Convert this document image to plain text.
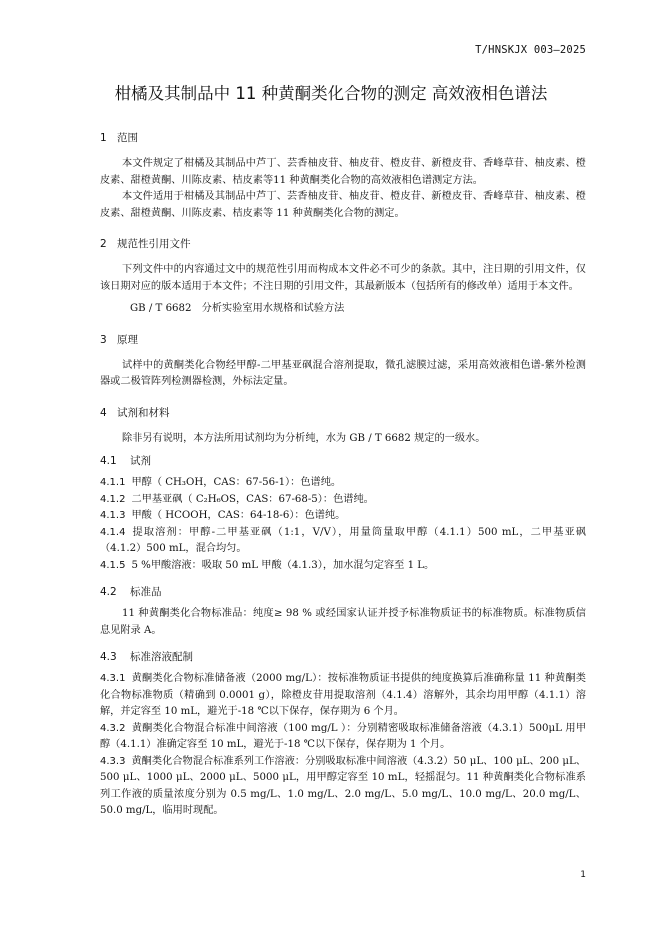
T/HNSKJX 003—2025
柑橘及其制品中 11 种黄酮类化合物的测定 高效液相色谱法
1 范围

本文件规定了柑橘及其制品中芦丁、芸香柚皮苷、柚皮苷、橙皮苷、新橙皮苷、香峰草苷、柚皮素、橙皮素、甜橙黄酮、川陈皮素、桔皮素等11 种黄酮类化合物的高效液相色谱测定方法。

本文件适用于柑橘及其制品中芦丁、芸香柚皮苷、柚皮苷、橙皮苷、新橙皮苷、香峰草苷、柚皮素、橙皮素、甜橙黄酮、川陈皮素、桔皮素等 11 种黄酮类化合物的测定。

2 规范性引用文件

下列文件中的内容通过文中的规范性引用而构成本文件必不可少的条款。其中，注日期的引用文件，仅该日期对应的版本适用于本文件；不注日期的引用文件，其最新版本（包括所有的修改单）适用于本文件。

GB / T 6682　分析实验室用水规格和试验方法
3 原理

试样中的黄酮类化合物经甲醇-二甲基亚砜混合溶剂提取，微孔滤膜过滤，采用高效液相色谱-紫外检测器或二极管阵列检测器检测，外标法定量。

4 试剂和材料

除非另有说明，本方法所用试剂均为分析纯，水为 GB / T 6682 规定的一级水。

4.1 试剂
4.1.1 甲醇（ CH₃OH，CAS：67-56-1）：色谱纯。
4.1.2 二甲基亚砜（ C₂H₆OS，CAS：67-68-5）：色谱纯。
4.1.3 甲酸（ HCOOH，CAS：64-18-6）：色谱纯。
4.1.4 提取溶剂：甲醇-二甲基亚砜（1:1，V/V），用量筒量取甲醇（4.1.1）500 mL，二甲基亚砜（4.1.2）500 mL，混合均匀。
4.1.5 5 %甲酸溶液：吸取 50 mL 甲酸（4.1.3），加水混匀定容至 1 L。
4.2 标准品

11 种黄酮类化合物标准品：纯度≥ 98 % 或经国家认证并授予标准物质证书的标准物质。标准物质信息见附录 A。

4.3 标准溶液配制
4.3.1 黄酮类化合物标准储备液（2000 mg/L）：按标准物质证书提供的纯度换算后准确称量 11 种黄酮类化合物标准物质（精确到 0.0001 g），除橙皮苷用提取溶剂（4.1.4）溶解外，其余均用甲醇（4.1.1）溶解，并定容至 10 mL，避光于-18 ℃以下保存，保存期为 6 个月。
4.3.2 黄酮类化合物混合标准中间溶液（100 mg/L ）：分别精密吸取标准储备溶液（4.3.1）500μL 用甲醇（4.1.1）准确定容至 10 mL，避光于-18 ℃以下保存，保存期为 1 个月。
4.3.3 黄酮类化合物混合标准系列工作溶液：分别吸取标准中间溶液（4.3.2）50 μL、100 μL、200 μL、500 μL、1000 μL、2000 μL、5000 μL，用甲醇定容至 10 mL，轻摇混匀。11 种黄酮类化合物标准系列工作液的质量浓度分别为 0.5 mg/L、1.0 mg/L、2.0 mg/L、5.0 mg/L、10.0 mg/L、20.0 mg/L、50.0 mg/L，临用时现配。
1
